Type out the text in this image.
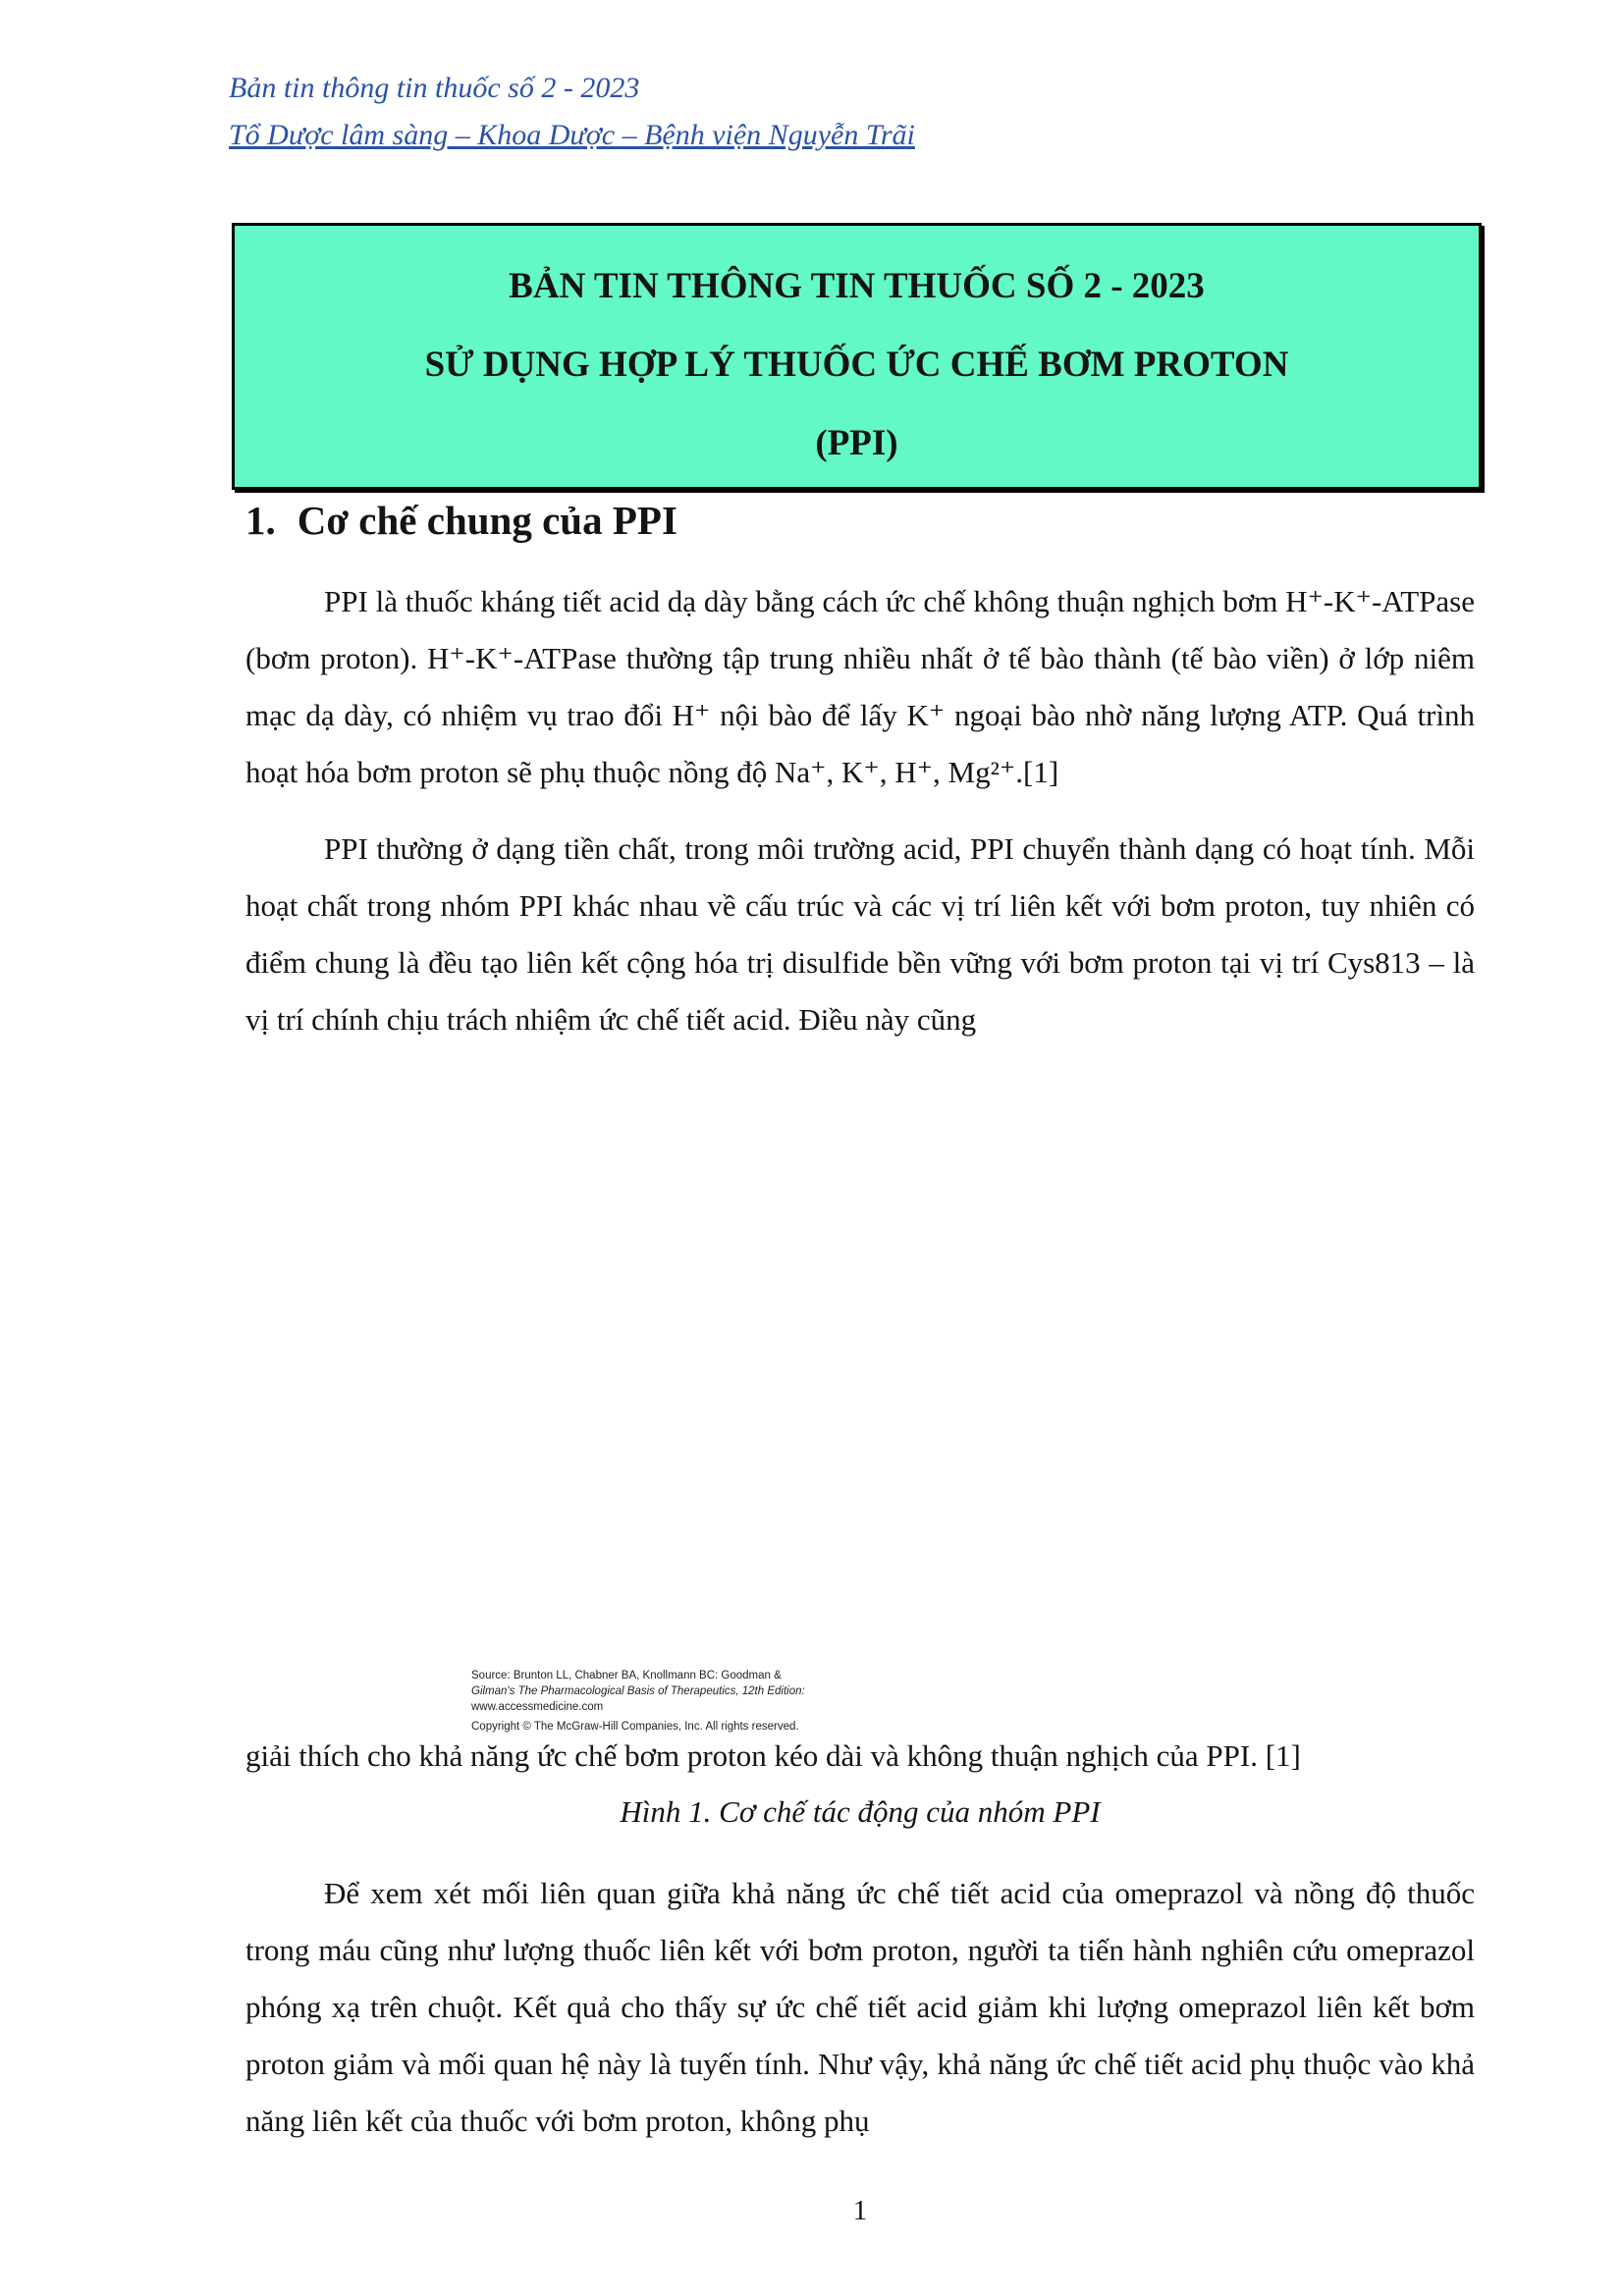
Bản tin thông tin thuốc số 2 - 2023
Tổ Dược lâm sàng – Khoa Dược – Bệnh viện Nguyễn Trãi
BẢN TIN THÔNG TIN THUỐC SỐ 2 - 2023
SỬ DỤNG HỢP LÝ THUỐC ỨC CHẾ BƠM PROTON
(PPI)
1. Cơ chế chung của PPI

PPI là thuốc kháng tiết acid dạ dày bằng cách ức chế không thuận nghịch bơm H⁺-K⁺-ATPase (bơm proton). H⁺-K⁺-ATPase thường tập trung nhiều nhất ở tế bào thành (tế bào viền) ở lớp niêm mạc dạ dày, có nhiệm vụ trao đổi H⁺ nội bào để lấy K⁺ ngoại bào nhờ năng lượng ATP. Quá trình hoạt hóa bơm proton sẽ phụ thuộc nồng độ Na⁺, K⁺, H⁺, Mg²⁺.[1]

PPI thường ở dạng tiền chất, trong môi trường acid, PPI chuyển thành dạng có hoạt tính. Mỗi hoạt chất trong nhóm PPI khác nhau về cấu trúc và các vị trí liên kết với bơm proton, tuy nhiên có điểm chung là đều tạo liên kết cộng hóa trị disulfide bền vững với bơm proton tại vị trí Cys813 – là vị trí chính chịu trách nhiệm ức chế tiết acid. Điều này cũng

Source: Brunton LL, Chabner BA, Knollmann BC: Goodman &
Gilman's The Pharmacological Basis of Therapeutics, 12th Edition:
www.accessmedicine.com
Copyright © The McGraw-Hill Companies, Inc. All rights reserved.

giải thích cho khả năng ức chế bơm proton kéo dài và không thuận nghịch của PPI. [1]

Hình 1. Cơ chế tác động của nhóm PPI

Để xem xét mối liên quan giữa khả năng ức chế tiết acid của omeprazol và nồng độ thuốc trong máu cũng như lượng thuốc liên kết với bơm proton, người ta tiến hành nghiên cứu omeprazol phóng xạ trên chuột. Kết quả cho thấy sự ức chế tiết acid giảm khi lượng omeprazol liên kết bơm proton giảm và mối quan hệ này là tuyến tính. Như vậy, khả năng ức chế tiết acid phụ thuộc vào khả năng liên kết của thuốc với bơm proton, không phụ

1
